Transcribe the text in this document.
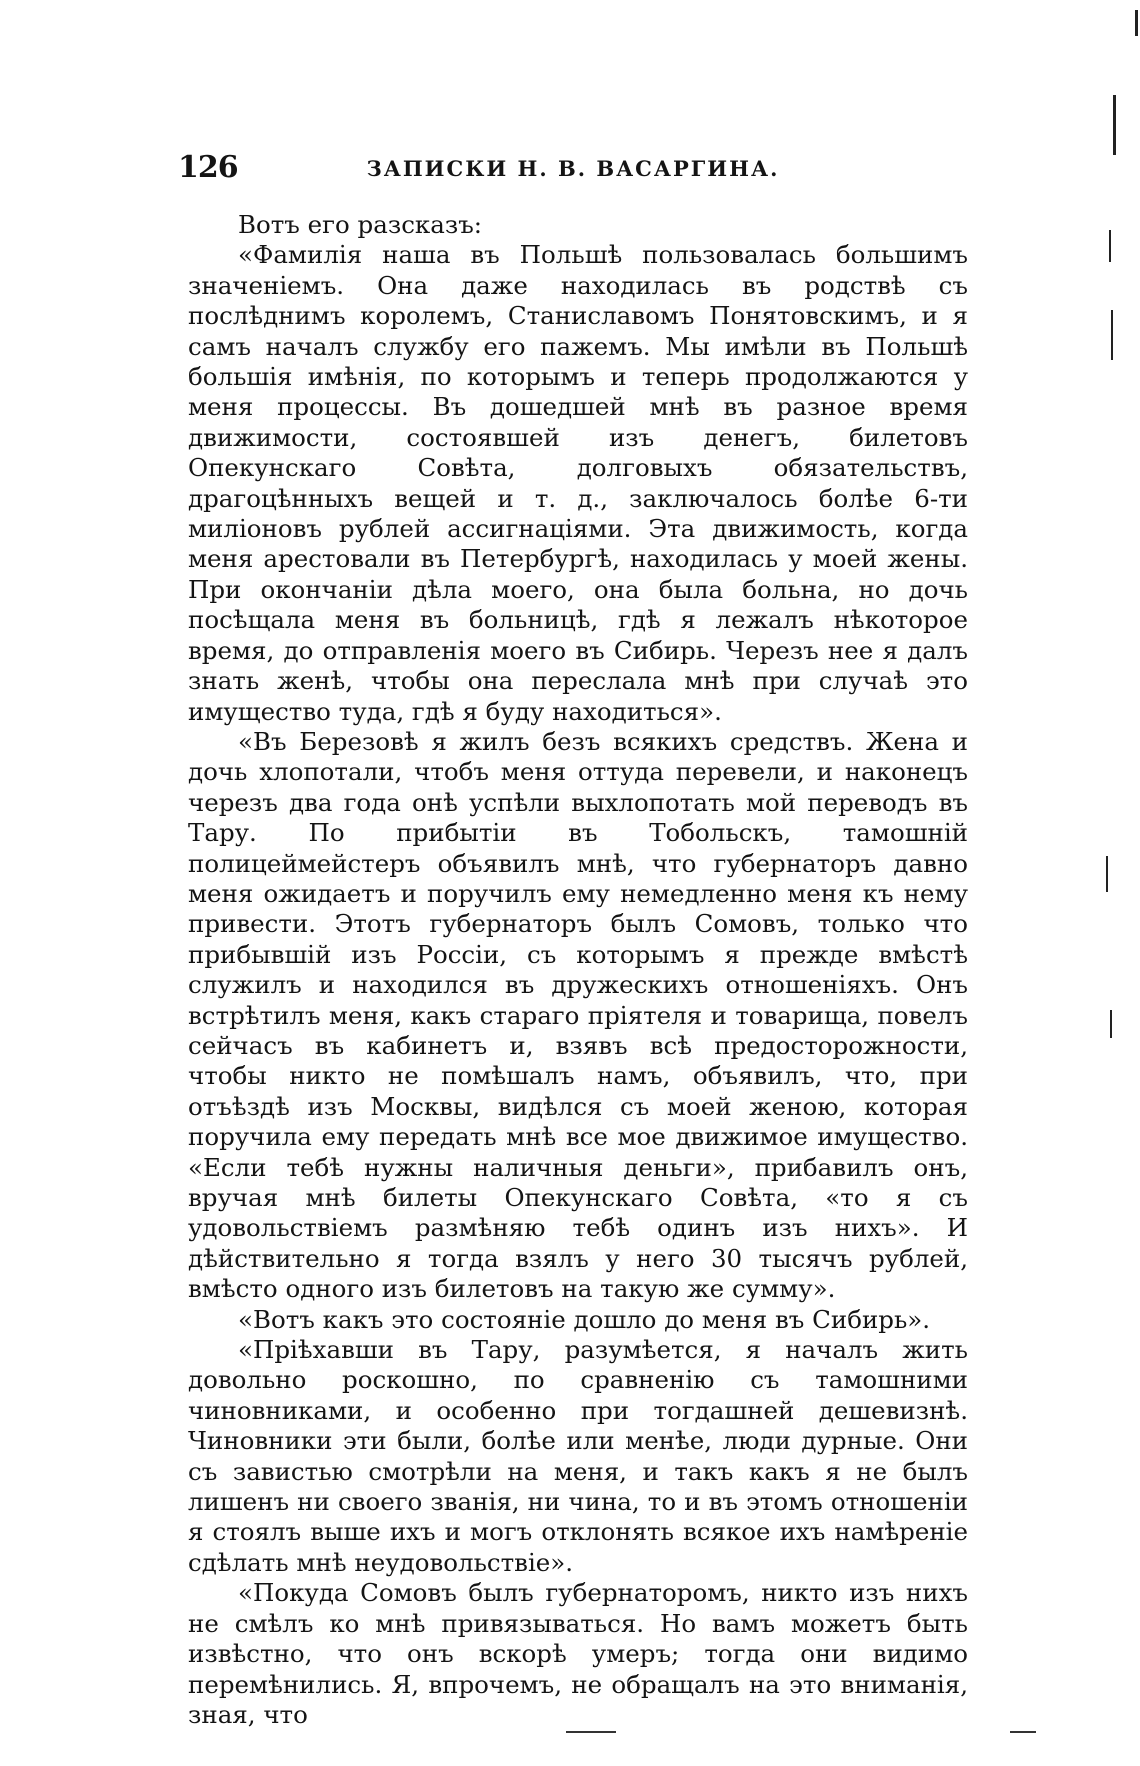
126	ЗАПИСКИ Н. В. ВАСАРГИНА.

Вотъ его разсказъ:

«Фамилія наша въ Польшѣ пользовалась большимъ значеніемъ. Она даже находилась въ родствѣ съ послѣднимъ королемъ, Станиславомъ Понятовскимъ, и я самъ началъ службу его пажемъ. Мы имѣли въ Польшѣ большія имѣнія, по которымъ и теперь продолжаются у меня процессы. Въ дошедшей мнѣ въ разное время движимости, состоявшей изъ денегъ, билетовъ Опекунскаго Совѣта, долговыхъ обязательствъ, драгоцѣнныхъ вещей и т. д., заключалось болѣе 6-ти миліоновъ рублей ассигнаціями. Эта движимость, когда меня арестовали въ Петербургѣ, находилась у моей жены. При окончаніи дѣла моего, она была больна, но дочь посѣщала меня въ больницѣ, гдѣ я лежалъ нѣкоторое время, до отправленія моего въ Сибирь. Черезъ нее я далъ знать женѣ, чтобы она переслала мнѣ при случаѣ это имущество туда, гдѣ я буду находиться».

«Въ Березовѣ я жилъ безъ всякихъ средствъ. Жена и дочь хлопотали, чтобъ меня оттуда перевели, и наконецъ черезъ два года онѣ успѣли выхлопотать мой переводъ въ Тару. По прибытіи въ Тобольскъ, тамошній полицеймейстеръ объявилъ мнѣ, что губернаторъ давно меня ожидаетъ и поручилъ ему немедленно меня къ нему привести. Этотъ губернаторъ былъ Сомовъ, только что прибывшій изъ Россіи, съ которымъ я прежде вмѣстѣ служилъ и находился въ дружескихъ отношеніяхъ. Онъ встрѣтилъ меня, какъ стараго пріятеля и товарища, повелъ сейчасъ въ кабинетъ и, взявъ всѣ предосторожности, чтобы никто не помѣшалъ намъ, объявилъ, что, при отъѣздѣ изъ Москвы, видѣлся съ моей женою, которая поручила ему передать мнѣ все мое движимое имущество. «Если тебѣ нужны наличныя деньги», прибавилъ онъ, вручая мнѣ билеты Опекунскаго Совѣта, «то я съ удовольствіемъ размѣняю тебѣ одинъ изъ нихъ». И дѣйствительно я тогда взялъ у него 30 тысячъ рублей, вмѣсто одного изъ билетовъ на такую же сумму».

«Вотъ какъ это состояніе дошло до меня въ Сибирь».

«Пріѣхавши въ Тару, разумѣется, я началъ жить довольно роскошно, по сравненію съ тамошними чиновниками, и особенно при тогдашней дешевизнѣ. Чиновники эти были, болѣе или менѣе, люди дурные. Они съ завистью смотрѣли на меня, и такъ какъ я не былъ лишенъ ни своего званія, ни чина, то и въ этомъ отношеніи я стоялъ выше ихъ и могъ отклонять всякое ихъ намѣреніе сдѣлать мнѣ неудовольствіе».

«Покуда Сомовъ былъ губернаторомъ, никто изъ нихъ не смѣлъ ко мнѣ привязываться. Но вамъ можетъ быть извѣстно, что онъ вскорѣ умеръ; тогда они видимо перемѣнились. Я, впрочемъ, не обращалъ на это вниманія, зная, что
